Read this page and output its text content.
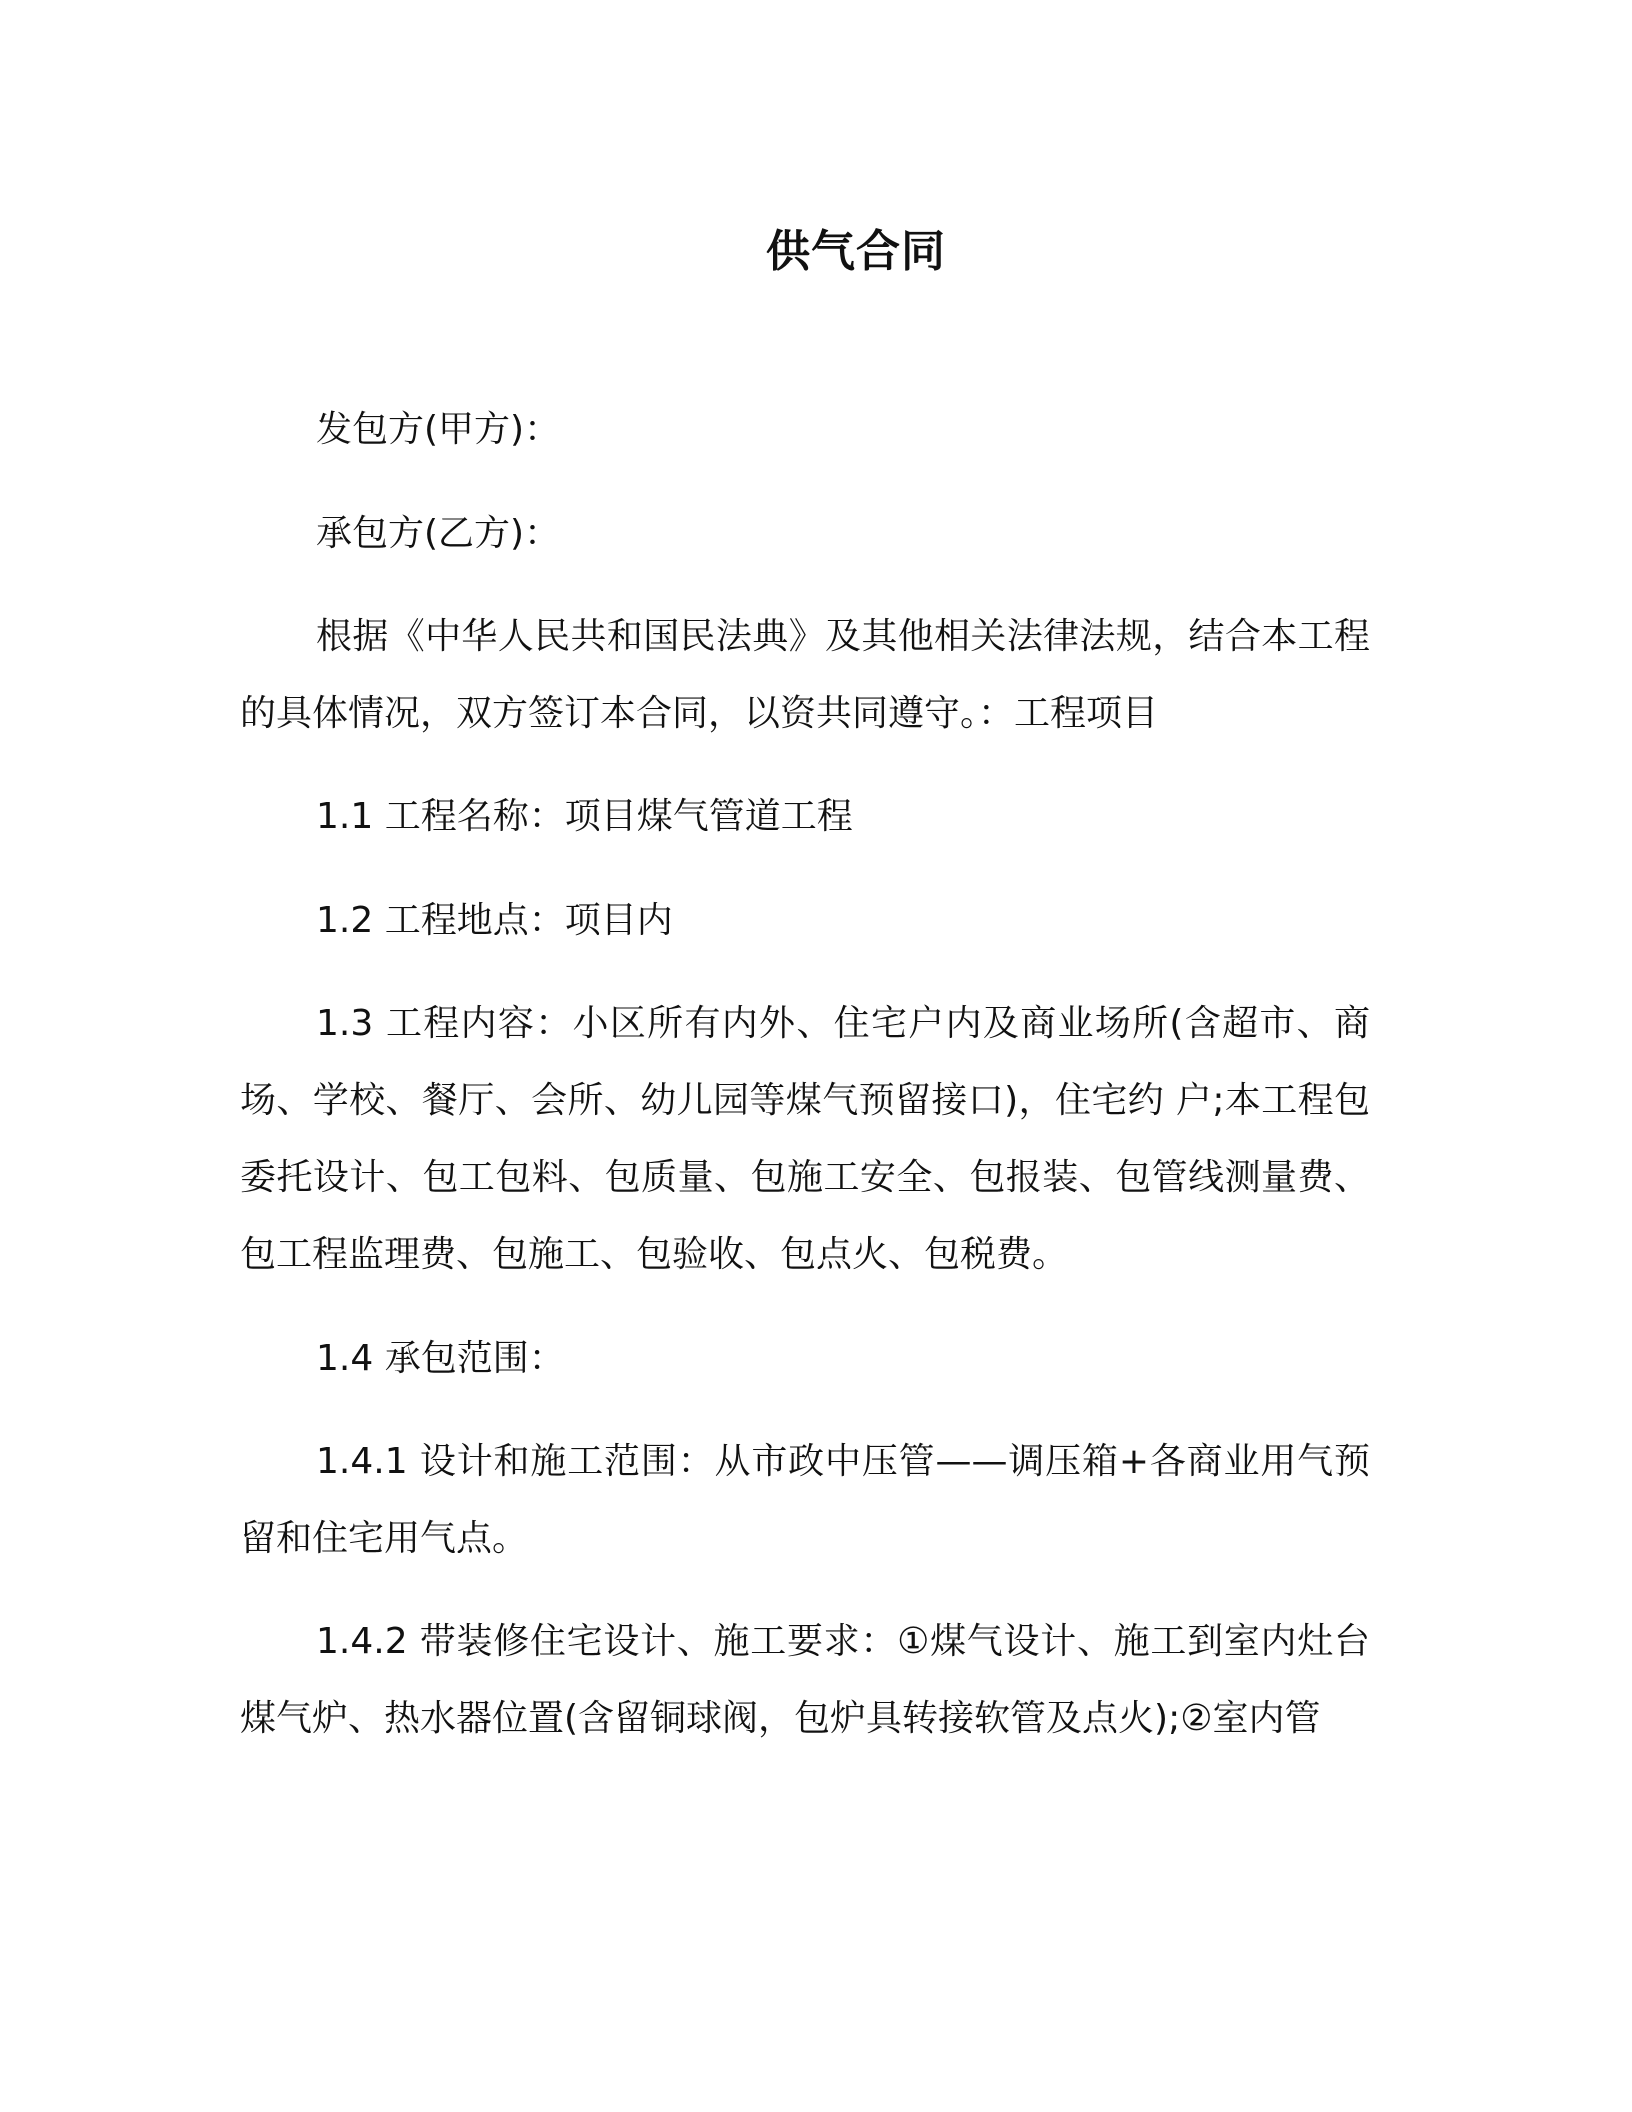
供气合同

发包方(甲方)：

承包方(乙方)：

根据《中华人民共和国民法典》及其他相关法律法规，结合本工程的具体情况，双方签订本合同，以资共同遵守。：工程项目

1.1 工程名称：项目煤气管道工程

1.2 工程地点：项目内

1.3 工程内容：小区所有内外、住宅户内及商业场所(含超市、商场、学校、餐厅、会所、幼儿园等煤气预留接口)，住宅约 户;本工程包委托设计、包工包料、包质量、包施工安全、包报装、包管线测量费、包工程监理费、包施工、包验收、包点火、包税费。

1.4 承包范围：

1.4.1 设计和施工范围：从市政中压管——调压箱+各商业用气预留和住宅用气点。

1.4.2 带装修住宅设计、施工要求：①煤气设计、施工到室内灶台煤气炉、热水器位置(含留铜球阀，包炉具转接软管及点火);②室内管
